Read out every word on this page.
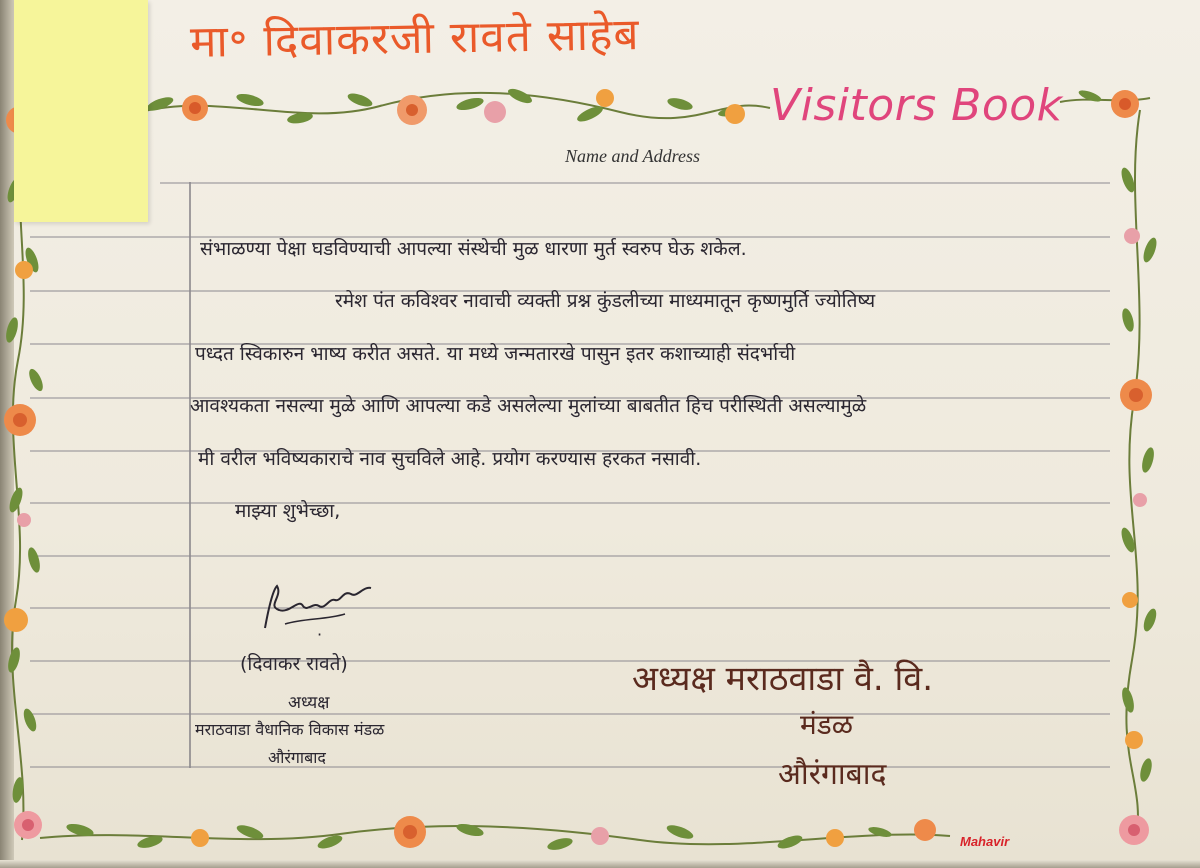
मा॰ दिवाकरजी रावते साहेब
Visitors Book
Name and Address
संभाळण्या पेक्षा घडविण्याची आपल्या संस्थेची मुळ धारणा मुर्त स्वरुप घेऊ शकेल.
रमेश पंत कविश्वर नावाची व्यक्ती प्रश्न कुंडलीच्या माध्यमातून कृष्णमुर्ति ज्योतिष्य
पध्दत स्विकारुन भाष्य करीत असते. या मध्ये जन्मतारखे पासुन इतर कशाच्याही संदर्भाची
आवश्यकता नसल्या मुळे आणि आपल्या कडे असलेल्या मुलांच्या बाबतीत हिच परीस्थिती असल्यामुळे
मी वरील भविष्यकाराचे नाव सुचविले आहे. प्रयोग करण्यास हरकत नसावी.
माझ्या शुभेच्छा,
·
(दिवाकर रावते)
अध्यक्ष
मराठवाडा वैधानिक विकास मंडळ
औरंगाबाद
अध्यक्ष मराठवाडा वै. वि.
मंडळ
औरंगाबाद
Mahavir
